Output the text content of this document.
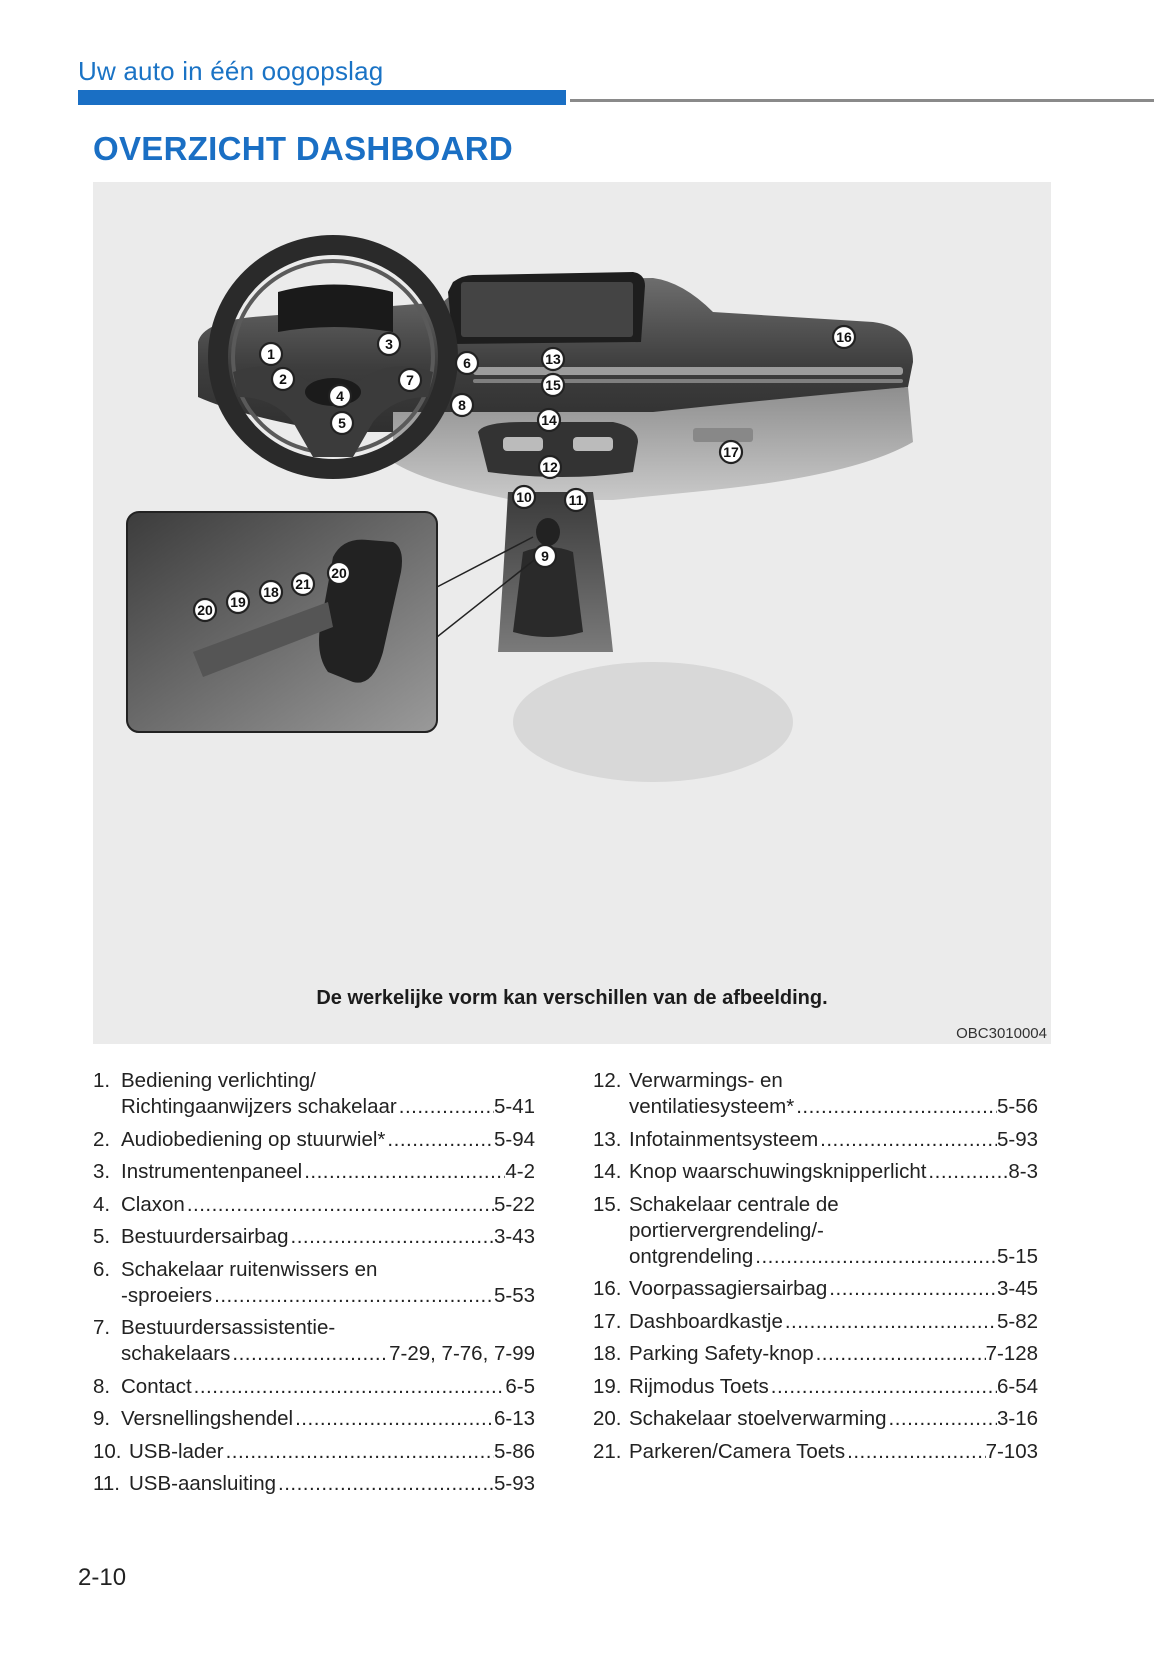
Uw auto in één oogopslag
OVERZICHT DASHBOARD
1
2
3
4
5
6
7
8
9
10	11
12
13
14
15
16
17
20 19
18 21
20
De werkelijke vorm kan verschillen van de afbeelding.
OBC3010004
1. Bediening verlichting/
Richtingaanwijzers schakelaar .....	5-41
2. Audiobediening op stuurwiel* .....	5-94
3. Instrumentenpaneel .....	4-2
4. Claxon .....	5-22
5. Bestuurdersairbag .....	3-43
6. Schakelaar ruitenwissers en
-sproeiers .....	5-53
7. Bestuurdersassistentie-
schakelaars .....	7-29, 7-76, 7-99
8. Contact .....	6-5
9. Versnellingshendel .....	6-13
10. USB-lader .....	5-86
11. USB-aansluiting .....	5-93
12. Verwarmings- en
ventilatiesysteem* .....	5-56
13. Infotainmentsysteem .....	5-93
14. Knop waarschuwingsknipperlicht .....	8-3
15. Schakelaar centrale de
portiervergrendeling/-
ontgrendeling .....	5-15
16. Voorpassagiersairbag .....	3-45
17. Dashboardkastje .....	5-82
18. Parking Safety-knop .....	7-128
19. Rijmodus Toets .....	6-54
20. Schakelaar stoelverwarming .....	3-16
21. Parkeren/Camera Toets .....	7-103
2-10
